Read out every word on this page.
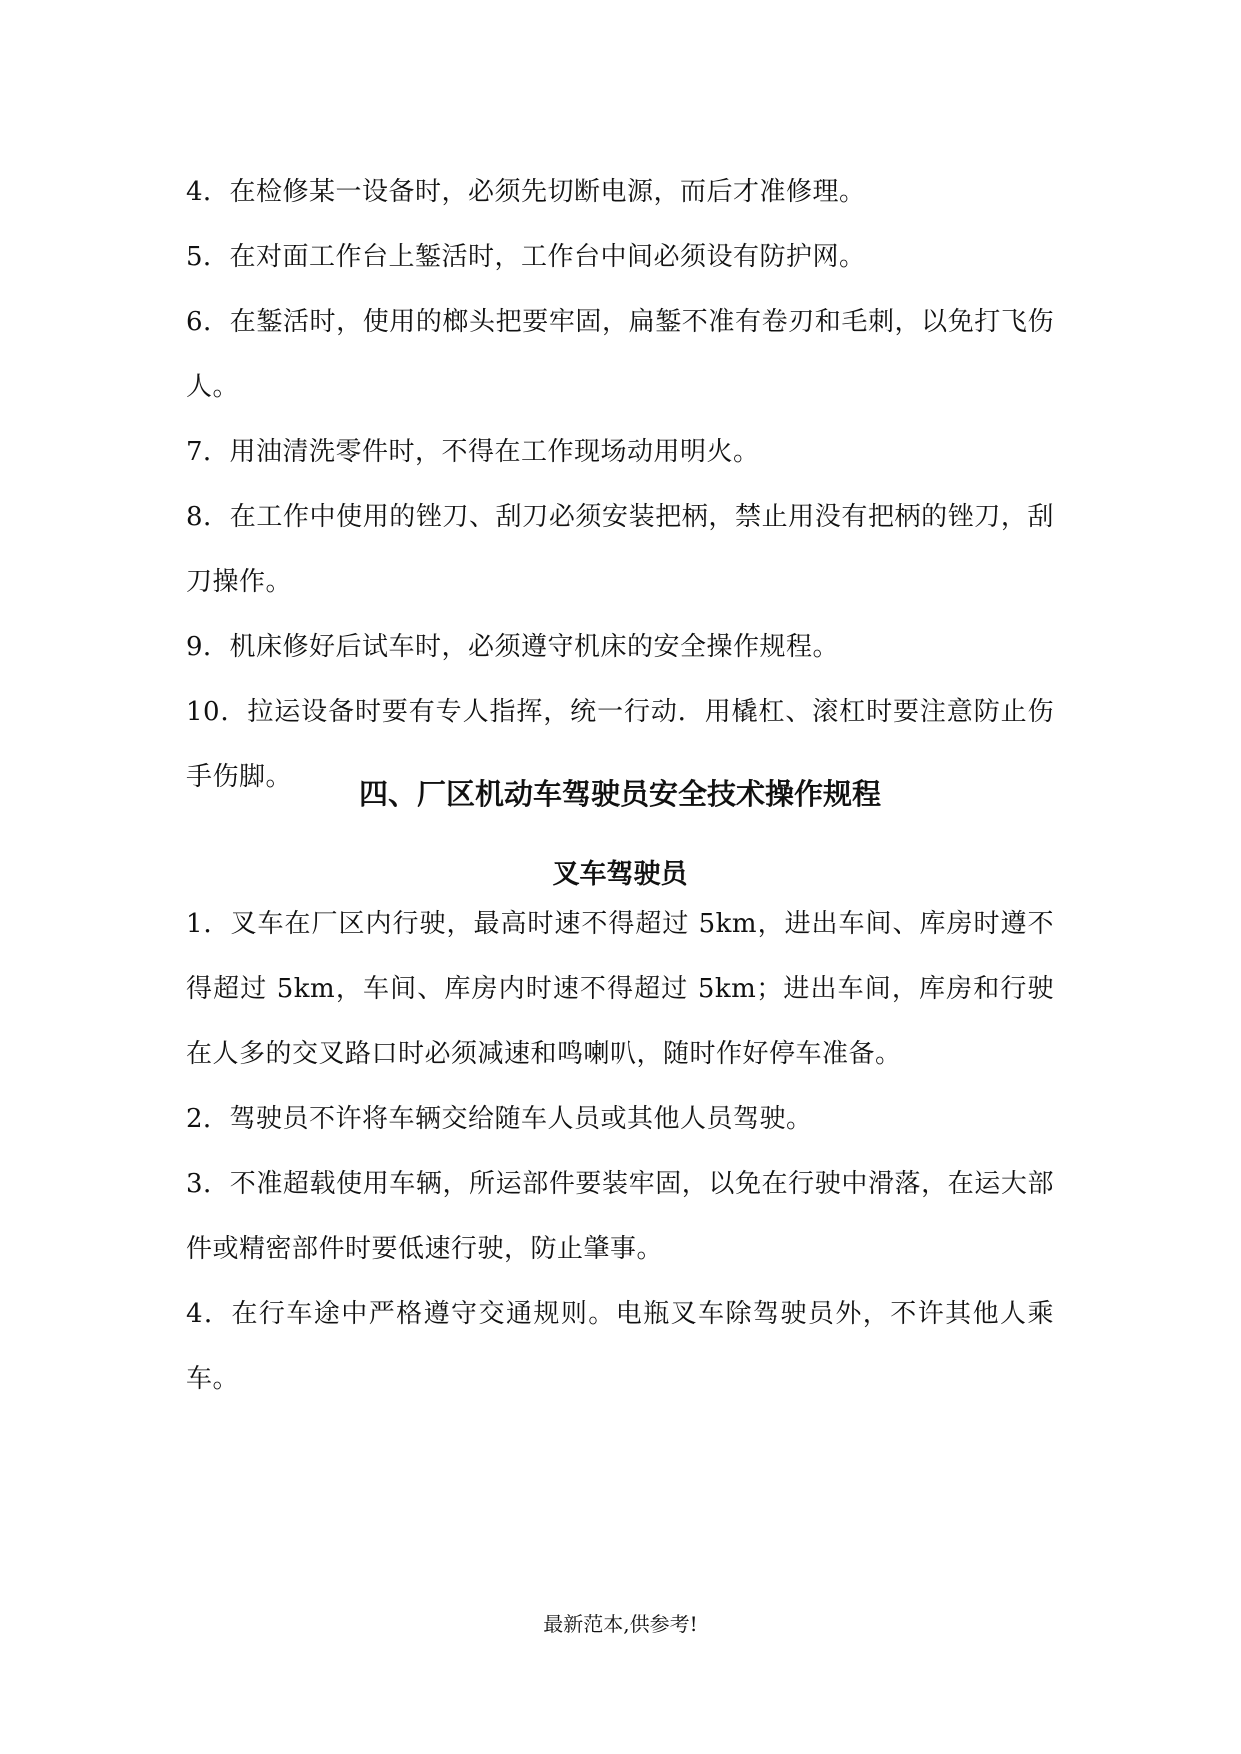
4．在检修某一设备时，必须先切断电源，而后才准修理。

5．在对面工作台上錾活时，工作台中间必须设有防护网。

6．在錾活时，使用的榔头把要牢固，扁錾不准有卷刃和毛刺，以免打飞伤人。

7．用油清洗零件时，不得在工作现场动用明火。

8．在工作中使用的锉刀、刮刀必须安装把柄，禁止用没有把柄的锉刀，刮刀操作。

9．机床修好后试车时，必须遵守机床的安全操作规程。

10．拉运设备时要有专人指挥，统一行动．用橇杠、滚杠时要注意防止伤手伤脚。	四、厂区机动车驾驶员安全技术操作规程
叉车驾驶员

1．叉车在厂区内行驶，最高时速不得超过 5km，进出车间、库房时遵不得超过 5km，车间、库房内时速不得超过 5km；进出车间，库房和行驶在人多的交叉路口时必须减速和鸣喇叭，随时作好停车准备。

2．驾驶员不许将车辆交给随车人员或其他人员驾驶。

3．不准超载使用车辆，所运部件要装牢固，以免在行驶中滑落，在运大部件或精密部件时要低速行驶，防止肇事。

4．在行车途中严格遵守交通规则。电瓶叉车除驾驶员外，不许其他人乘车。

最新范本,供参考!
